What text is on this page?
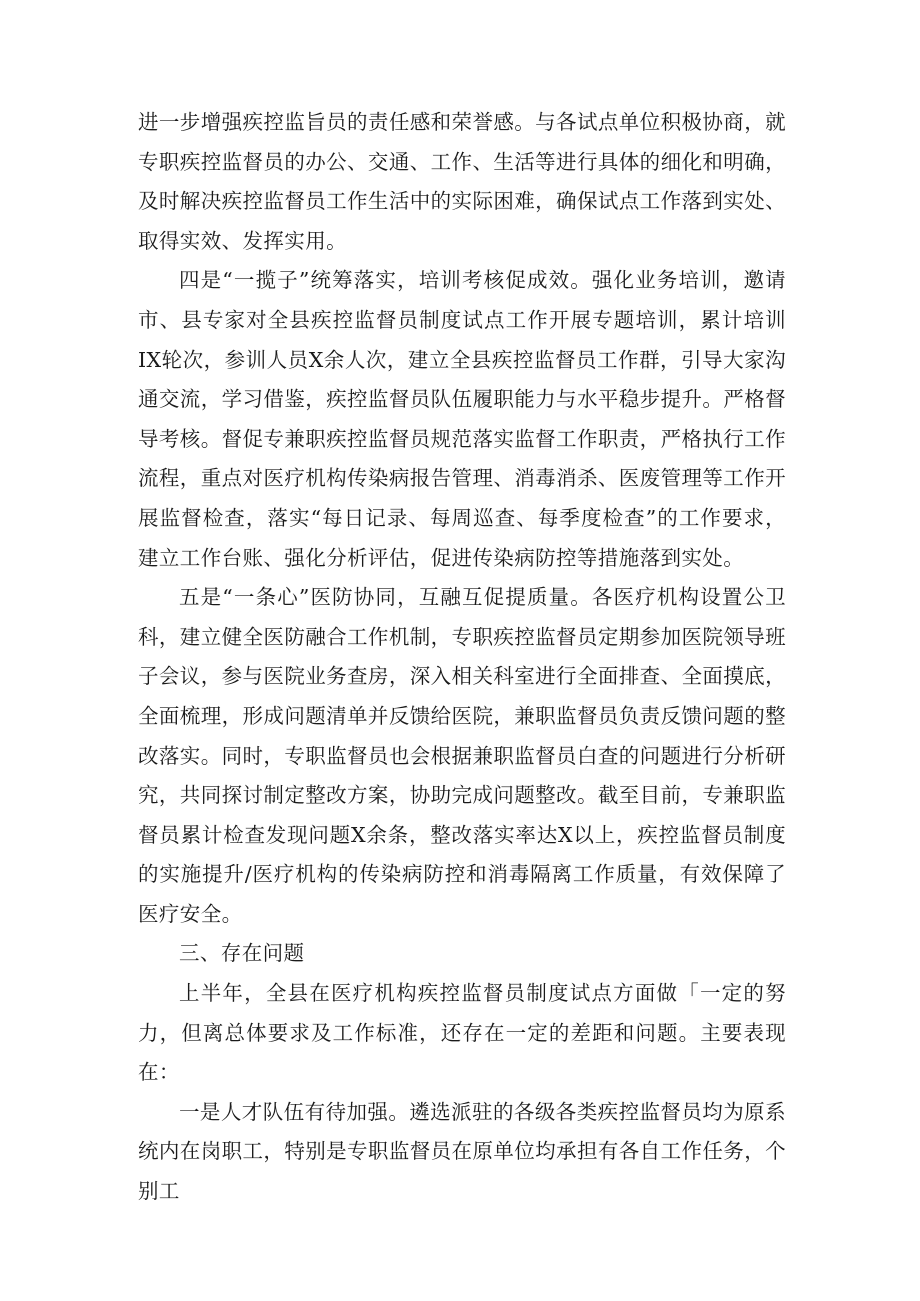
进一步增强疾控监旨员的责任感和荣誉感。与各试点单位积极协商，就专职疾控监督员的办公、交通、工作、生活等进行具体的细化和明确，及时解决疾控监督员工作生活中的实际困难，确保试点工作落到实处、取得实效、发挥实用。

四是“一揽子”统筹落实，培训考核促成效。强化业务培训，邀请市、县专家对全县疾控监督员制度试点工作开展专题培训，累计培训IX轮次，参训人员X余人次，建立全县疾控监督员工作群，引导大家沟通交流，学习借鉴，疾控监督员队伍履职能力与水平稳步提升。严格督导考核。督促专兼职疾控监督员规范落实监督工作职责，严格执行工作流程，重点对医疗机构传染病报告管理、消毒消杀、医废管理等工作开展监督检查，落实“每日记录、每周巡查、每季度检查”的工作要求，建立工作台账、强化分析评估，促进传染病防控等措施落到实处。

五是“一条心”医防协同，互融互促提质量。各医疗机构设置公卫科，建立健全医防融合工作机制，专职疾控监督员定期参加医院领导班子会议，参与医院业务查房，深入相关科室进行全面排查、全面摸底，全面梳理，形成问题清单并反馈给医院，兼职监督员负责反馈问题的整改落实。同时，专职监督员也会根据兼职监督员白查的问题进行分析研究，共同探讨制定整改方案，协助完成问题整改。截至目前，专兼职监督员累计检查发现问题X余条，整改落实率达X以上，疾控监督员制度的实施提升/医疗机构的传染病防控和消毒隔离工作质量，有效保障了医疗安全。

三、存在问题

上半年，全县在医疗机构疾控监督员制度试点方面做「一定的努力，但离总体要求及工作标准，还存在一定的差距和问题。主要表现在：

一是人才队伍有待加强。遴选派驻的各级各类疾控监督员均为原系统内在岗职工，特别是专职监督员在原单位均承担有各自工作任务，个别工
